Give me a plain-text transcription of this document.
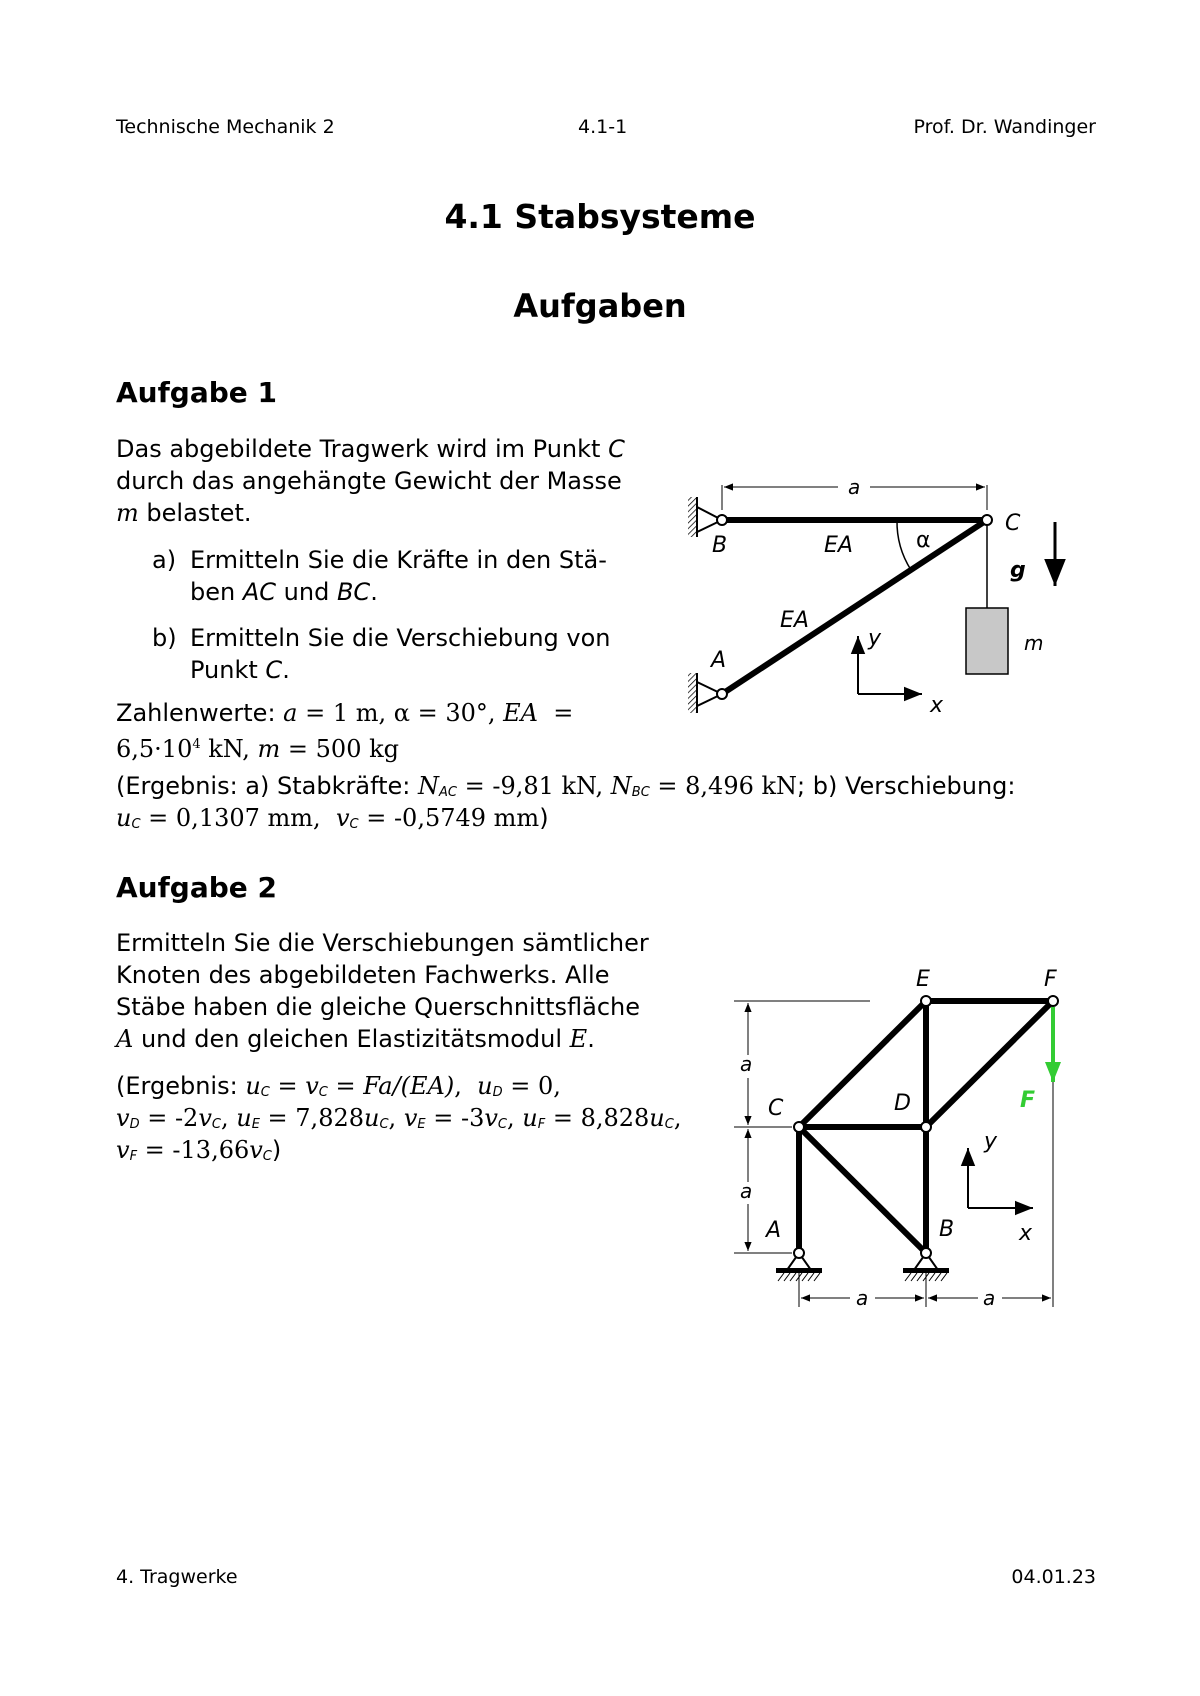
Technische Mechanik 2	4.1-1	Prof. Dr. Wandinger
4.1 Stabsysteme
Aufgaben
Aufgabe 1
Das abgebildete Tragwerk wird im Punkt C
durch das angehängte Gewicht der Masse
m belastet.
a) Ermitteln Sie die Kräfte in den Stä-
ben AC und BC.
b) Ermitteln Sie die Verschiebung von
Punkt C.
Zahlenwerte: a = 1 m, α = 30°, EA =
$6,5\cdot 10^4$ kN, m = 500 kg
(Ergebnis: a) Stabkräfte: NAC = -9,81 kN, NBC = 8,496 kN; b) Verschiebung:
uC = 0,1307 mm, vC = -0,5749 mm)
a
C
B	EA	α
g
EA
y	m
A
x
Aufgabe 2
Ermitteln Sie die Verschiebungen sämtlicher
Knoten des abgebildeten Fachwerks. Alle
Stäbe haben die gleiche Querschnittsfläche
A und den gleichen Elastizitätsmodul E.
(Ergebnis: uC = vC = Fa/(EA), uD = 0,
vD = -2vC, uE = 7,828uC, vE = -3vC, uF = 8,828uC,
vF = -13,66vC)
E	F
a
C	D	F
y
a
A	B	x
a	a
4. Tragwerke	04.01.23
